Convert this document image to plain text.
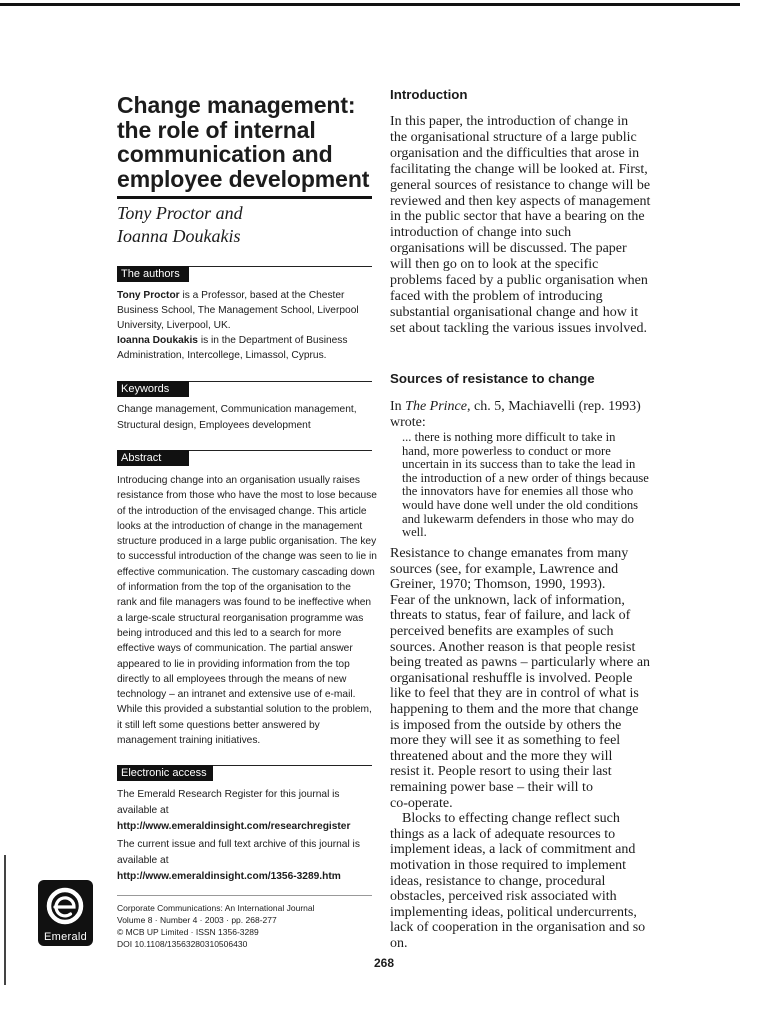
Change management:
the role of internal
communication and
employee development
Tony Proctor and
Ioanna Doukakis
The authors
Tony Proctor is a Professor, based at the Chester
Business School, The Management School, Liverpool
University, Liverpool, UK.
Ioanna Doukakis is in the Department of Business
Administration, Intercollege, Limassol, Cyprus.
Keywords
Change management, Communication management,
Structural design, Employees development
Abstract
Introducing change into an organisation usually raises
resistance from those who have the most to lose because
of the introduction of the envisaged change. This article
looks at the introduction of change in the management
structure produced in a large public organisation. The key
to successful introduction of the change was seen to lie in
effective communication. The customary cascading down
of information from the top of the organisation to the
rank and file managers was found to be ineffective when
a large-scale structural reorganisation programme was
being introduced and this led to a search for more
effective ways of communication. The partial answer
appeared to lie in providing information from the top
directly to all employees through the means of new
technology – an intranet and extensive use of e-mail.
While this provided a substantial solution to the problem,
it still left some questions better answered by
management training initiatives.
Electronic access
The Emerald Research Register for this journal is
available at
http://www.emeraldinsight.com/researchregister
The current issue and full text archive of this journal is
available at
http://www.emeraldinsight.com/1356-3289.htm
Corporate Communications: An International Journal
Volume 8 · Number 4 · 2003 · pp. 268-277
© MCB UP Limited · ISSN 1356-3289
DOI 10.1108/13563280310506430
Emerald
Introduction
In this paper, the introduction of change in
the organisational structure of a large public
organisation and the difficulties that arose in
facilitating the change will be looked at. First,
general sources of resistance to change will be
reviewed and then key aspects of management
in the public sector that have a bearing on the
introduction of change into such
organisations will be discussed. The paper
will then go on to look at the specific
problems faced by a public organisation when
faced with the problem of introducing
substantial organisational change and how it
set about tackling the various issues involved.
Sources of resistance to change
In The Prince, ch. 5, Machiavelli (rep. 1993)
wrote:
... there is nothing more difficult to take in
hand, more powerless to conduct or more
uncertain in its success than to take the lead in
the introduction of a new order of things because
the innovators have for enemies all those who
would have done well under the old conditions
and lukewarm defenders in those who may do
well.
Resistance to change emanates from many
sources (see, for example, Lawrence and
Greiner, 1970; Thomson, 1990, 1993).
Fear of the unknown, lack of information,
threats to status, fear of failure, and lack of
perceived benefits are examples of such
sources. Another reason is that people resist
being treated as pawns – particularly where an
organisational reshuffle is involved. People
like to feel that they are in control of what is
happening to them and the more that change
is imposed from the outside by others the
more they will see it as something to feel
threatened about and the more they will
resist it. People resort to using their last
remaining power base – their will to
co-operate.
Blocks to effecting change reflect such
things as a lack of adequate resources to
implement ideas, a lack of commitment and
motivation in those required to implement
ideas, resistance to change, procedural
obstacles, perceived risk associated with
implementing ideas, political undercurrents,
lack of cooperation in the organisation and so
on.
268
